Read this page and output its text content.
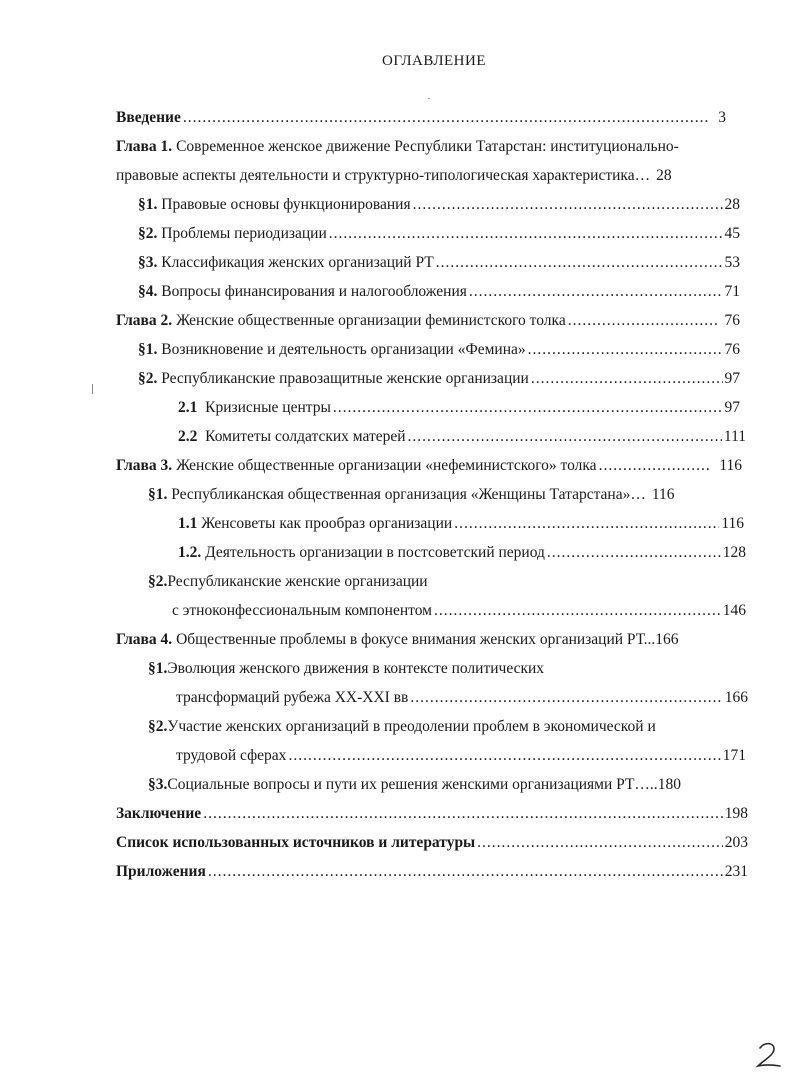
ОГЛАВЛЕНИЕ
Введение .....	3
Глава 1. Современное женское движение Республики Татарстан: институционально-
правовые аспекты деятельности и структурно-типологическая характеристика… 28
§1. Правовые основы функционирования .....	28
§2. Проблемы периодизации .....	45
§3. Классификация женских организаций РТ .....	53
§4. Вопросы финансирования и налогообложения .....	71
Глава 2. Женские общественные организации феминистского толка .....	76
§1. Возникновение и деятельность организации «Фемина» .....	76
§2. Республиканские правозащитные женские организации .....	97
2.1 Кризисные центры .....	97
2.2 Комитеты солдатских матерей .....	111
Глава 3. Женские общественные организации «нефеминистского» толка .....	116
§1. Республиканская общественная организация «Женщины Татарстана»… 116
1.1 Женсоветы как прообраз организации .....	116
1.2. Деятельность организации в постсоветский период .....	128
§2.Республиканские женские организации
с этноконфессиональным компонентом .....	146
Глава 4. Общественные проблемы в фокусе внимания женских организаций РТ... 166
§1.Эволюция женского движения в контексте политических
трансформаций рубежа XX-XXI вв .....	166
§2.Участие женских организаций в преодолении проблем в экономической и
трудовой сферах .....	171
§3.Социальные вопросы и пути их решения женскими организациями РТ….. 180
Заключение .....	198
Список использованных источников и литературы .....	203
Приложения .....	231
